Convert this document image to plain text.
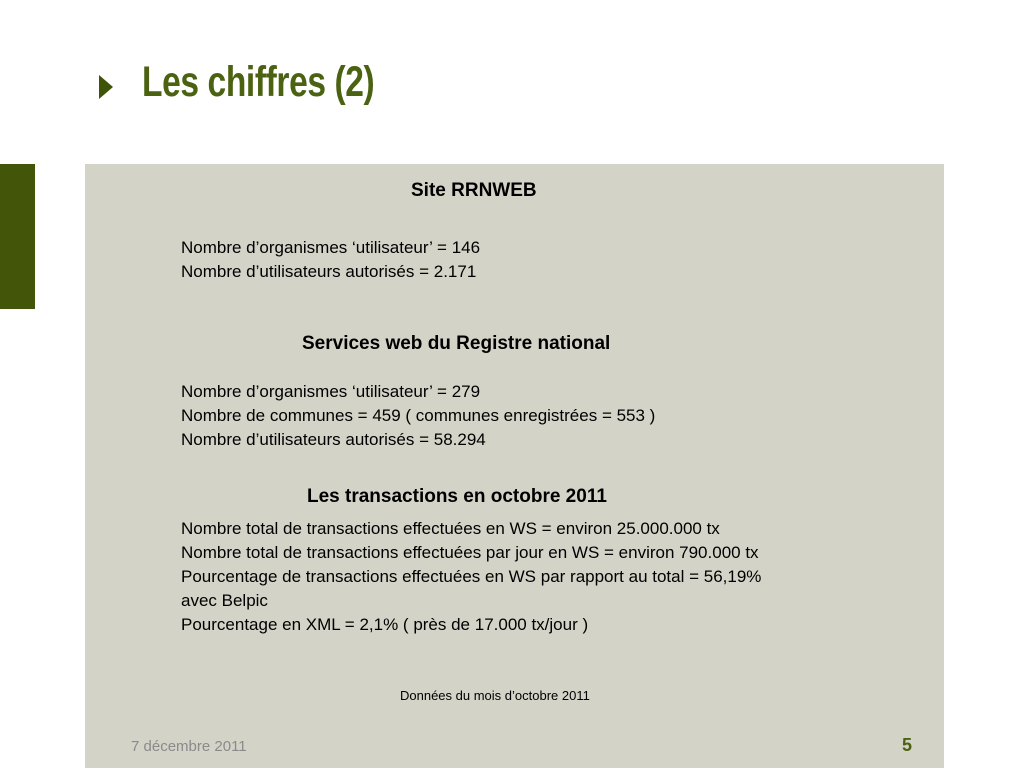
Les chiffres (2)

Site RRNWEB

Nombre d’organismes ‘utilisateur’ = 146

Nombre d’utilisateurs autorisés = 2.171

Services web du Registre national

Nombre d’organismes ‘utilisateur’ = 279

Nombre de communes = 459 ( communes enregistrées = 553 )

Nombre d’utilisateurs autorisés = 58.294

Les transactions en octobre 2011

Nombre total de transactions effectuées en WS = environ 25.000.000 tx

Nombre total de transactions effectuées par jour en WS = environ 790.000 tx

Pourcentage de transactions effectuées en WS par rapport au total = 56,19%

avec Belpic

Pourcentage en XML = 2,1% ( près de 17.000 tx/jour )

Données du mois d’octobre 2011

7 décembre 2011	5
